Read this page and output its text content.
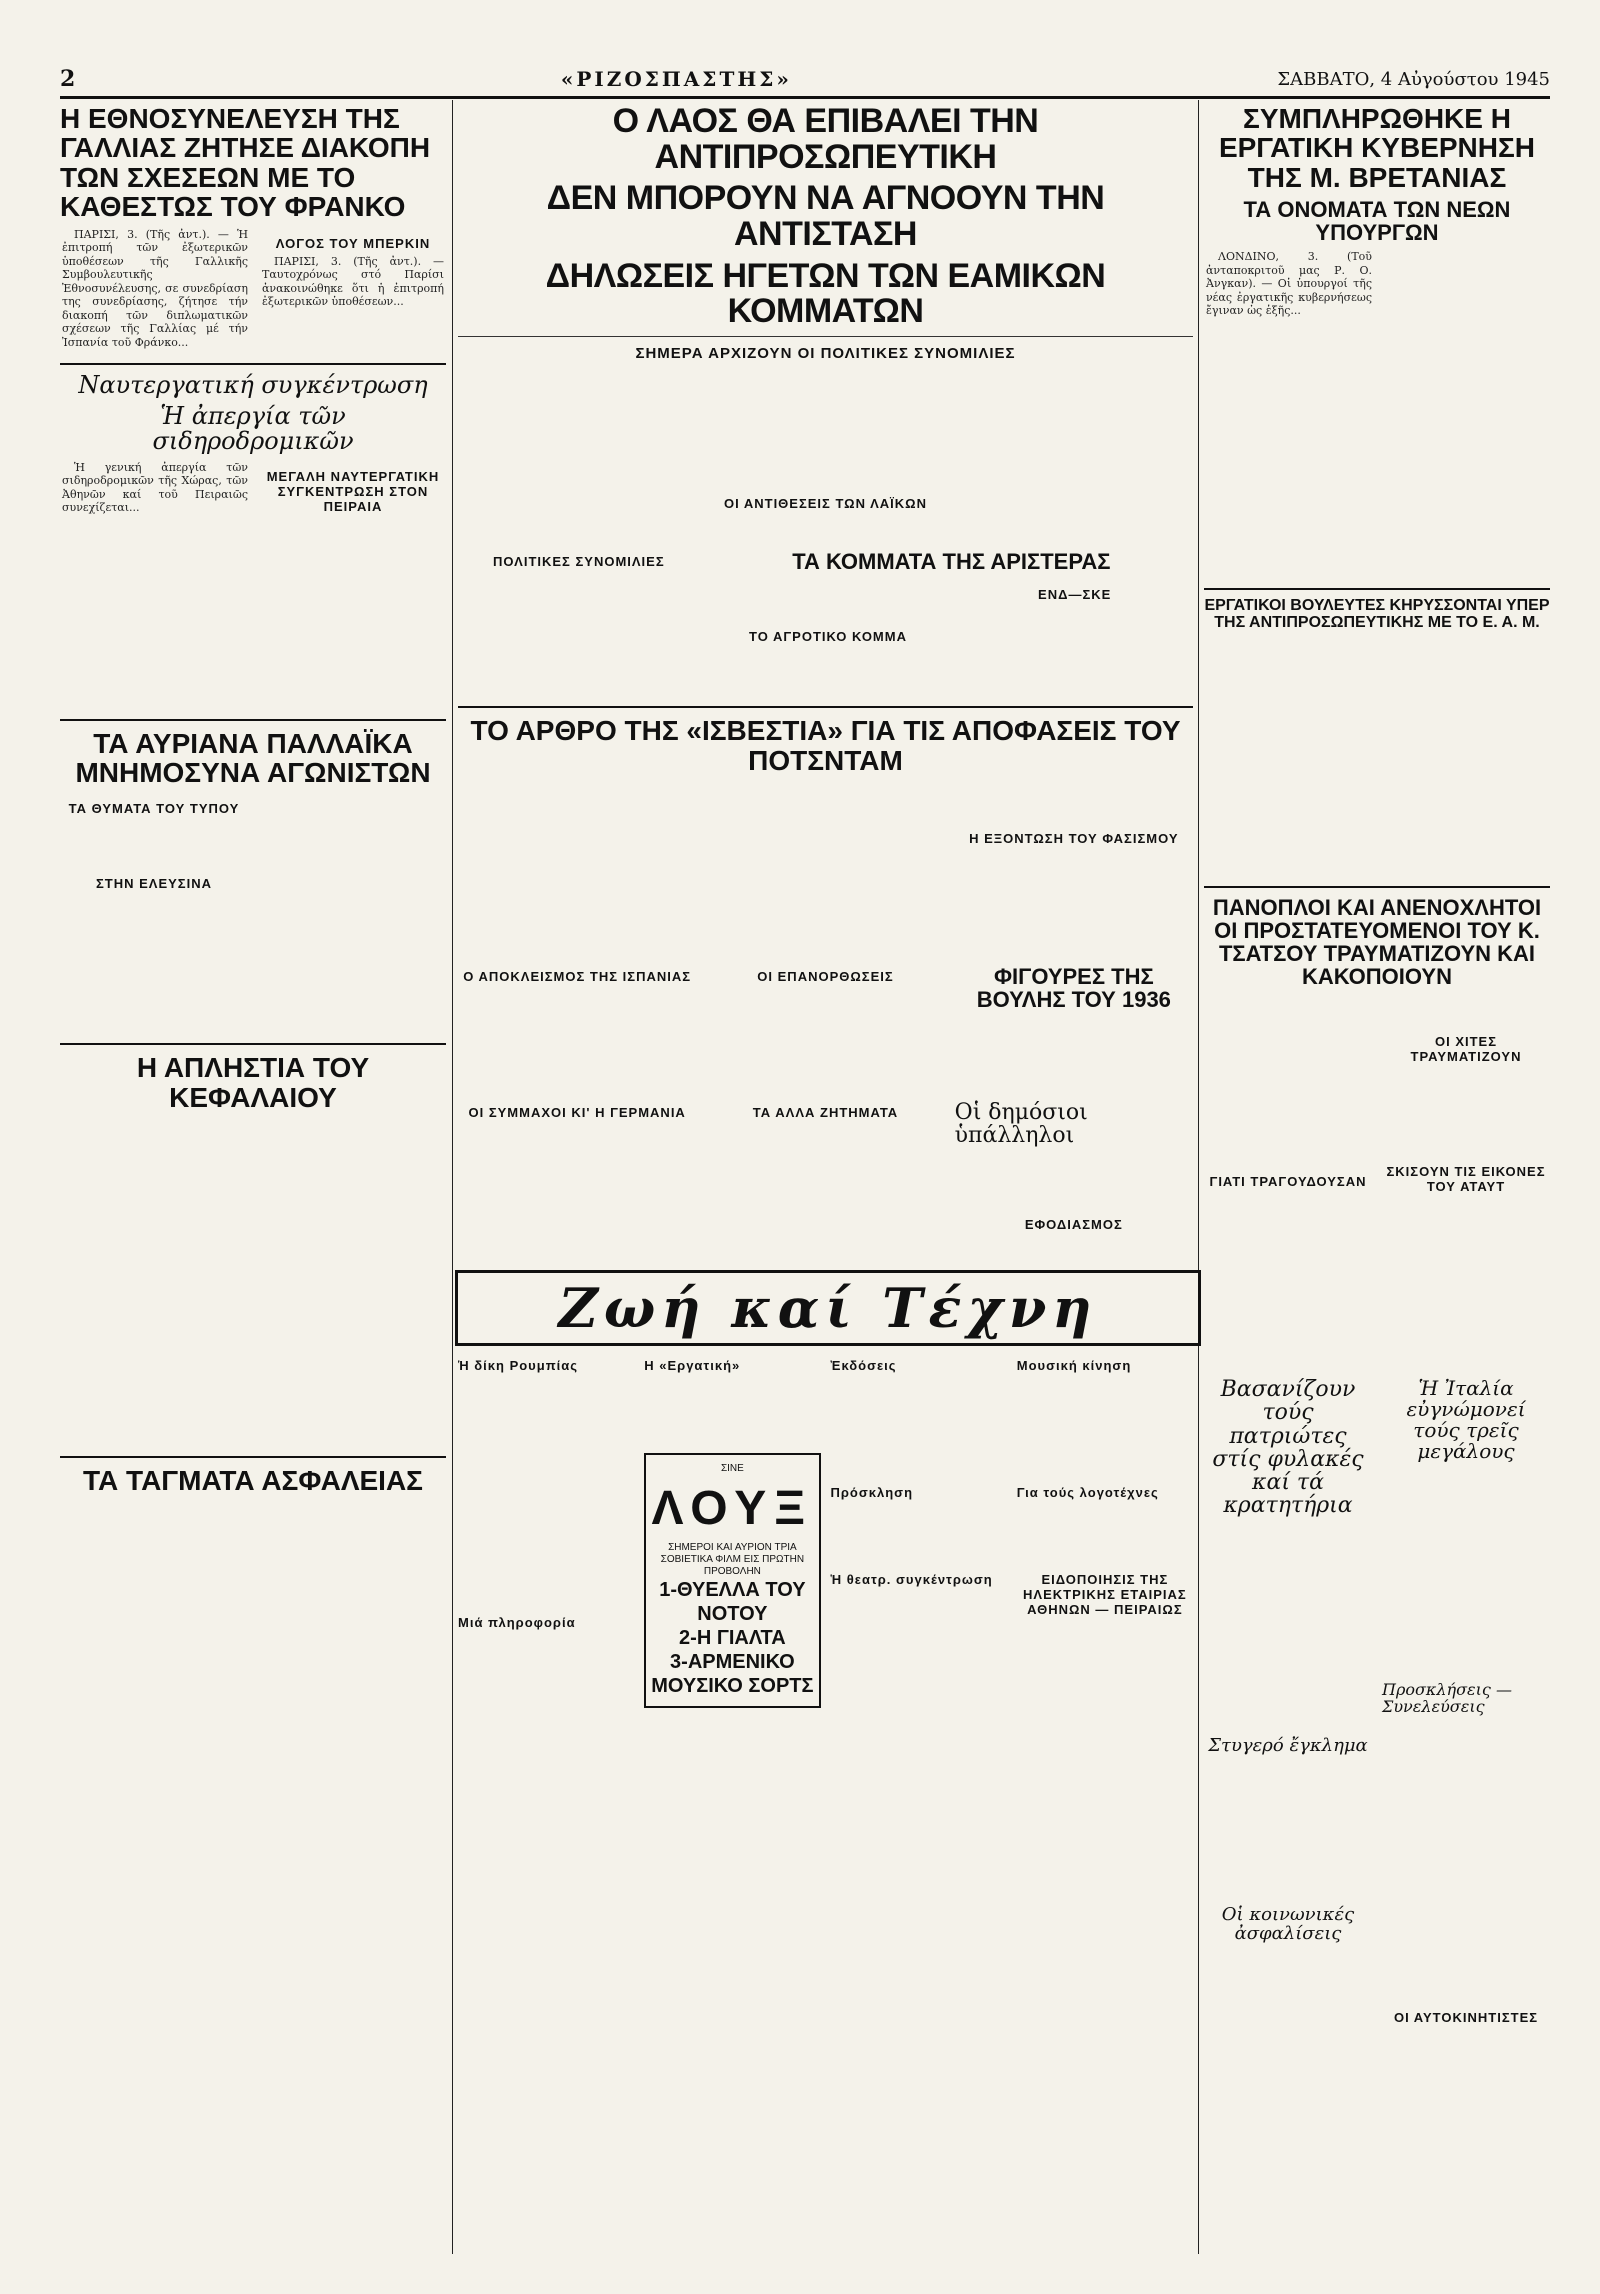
2	«ΡΙΖΟΣΠΑΣΤΗΣ»	ΣΑΒΒΑΤΟ, 4 Αὐγούστου 1945
Η ΕΘΝΟΣΥΝΕΛΕΥΣΗ ΤΗΣ ΓΑΛΛΙΑΣ ΖΗΤΗΣΕ ΔΙΑΚΟΠΗ ΤΩΝ ΣΧΕΣΕΩΝ ΜΕ ΤΟ ΚΑΘΕΣΤΩΣ ΤΟΥ ΦΡΑΝΚΟ

ΠΑΡΙΣΙ, 3. (Τῆς ἀντ.). — Ἡ ἐπιτροπή τῶν ἐξωτερικῶν ὑποθέσεων τῆς Γαλλικῆς Συμβουλευτικῆς Ἐθνοσυνέλευσης, σε συνεδρίαση της συνεδρίασης, ζήτησε τήν διακοπή τῶν διπλωματικῶν σχέσεων τῆς Γαλλίας μέ τήν Ἰσπανία τοῦ Φράνκο...

ΛΟΓΟΣ ΤΟΥ ΜΠΕΡΚΙΝ

ΠΑΡΙΣΙ, 3. (Τῆς ἀντ.). — Ταυτοχρόνως στό Παρίσι ἀνακοινώθηκε ὅτι ἡ ἐπιτροπή ἐξωτερικῶν ὑποθέσεων...

Ναυτεργατική συγκέντρωση
Ἡ ἀπεργία τῶν σιδηροδρομικῶν

Ἡ γενική ἀπεργία τῶν σιδηροδρομικῶν τῆς Χώρας, τῶν Ἀθηνῶν καί τοῦ Πειραιῶς συνεχίζεται...

ΜΕΓΑΛΗ ΝΑΥΤΕΡΓΑΤΙΚΗ ΣΥΓΚΕΝΤΡΩΣΗ ΣΤΟΝ ΠΕΙΡΑΙΑ
ΤΑ ΑΥΡΙΑΝΑ ΠΑΛΛΑΪΚΑ ΜΝΗΜΟΣΥΝΑ ΑΓΩΝΙΣΤΩΝ
ΤΑ ΘΥΜΑΤΑ ΤΟΥ ΤΥΠΟΥ
ΣΤΗΝ ΕΛΕΥΣΙΝΑ
Η ΑΠΛΗΣΤΙΑ ΤΟΥ ΚΕΦΑΛΑΙΟΥ
ΤΑ ΤΑΓΜΑΤΑ ΑΣΦΑΛΕΙΑΣ
Ο ΛΑΟΣ ΘΑ ΕΠΙΒΑΛΕΙ ΤΗΝ ΑΝΤΙΠΡΟΣΩΠΕΥΤΙΚΗ
ΔΕΝ ΜΠΟΡΟΥΝ ΝΑ ΑΓΝΟΟΥΝ ΤΗΝ ΑΝΤΙΣΤΑΣΗ
ΔΗΛΩΣΕΙΣ ΗΓΕΤΩΝ ΤΩΝ ΕΑΜΙΚΩΝ ΚΟΜΜΑΤΩΝ
ΣΗΜΕΡΑ ΑΡΧΙΖΟΥΝ ΟΙ ΠΟΛΙΤΙΚΕΣ ΣΥΝΟΜΙΛΙΕΣ
ΟΙ ΑΝΤΙΘΕΣΕΙΣ ΤΩΝ ΛΑΪΚΩΝ
ΠΟΛΙΤΙΚΕΣ ΣΥΝΟΜΙΛΙΕΣ	ΤΑ ΚΟΜΜΑΤΑ ΤΗΣ ΑΡΙΣΤΕΡΑΣ
ΤΟ ΑΓΡΟΤΙΚΟ ΚΟΜΜΑ
ΕΝΔ—ΣΚΕ
ΤΟ ΑΡΘΡΟ ΤΗΣ «ΙΣΒΕΣΤΙΑ» ΓΙΑ ΤΙΣ ΑΠΟΦΑΣΕΙΣ ΤΟΥ ΠΟΤΣΝΤΑΜ
Η ΕΞΟΝΤΩΣΗ ΤΟΥ ΦΑΣΙΣΜΟΥ
Ο ΑΠΟΚΛΕΙΣΜΟΣ ΤΗΣ ΙΣΠΑΝΙΑΣ	ΟΙ ΕΠΑΝΟΡΘΩΣΕΙΣ	ΦΙΓΟΥΡΕΣ ΤΗΣ ΒΟΥΛΗΣ ΤΟΥ 1936
ΟΙ ΣΥΜΜΑΧΟΙ ΚΙ' Η ΓΕΡΜΑΝΙΑ	ΤΑ ΑΛΛΑ ΖΗΤΗΜΑΤΑ	Οἱ δημόσιοι ὑπάλληλοι
ΕΦΟΔΙΑΣΜΟΣ
ΣΥΜΠΛΗΡΩΘΗΚΕ Η ΕΡΓΑΤΙΚΗ ΚΥΒΕΡΝΗΣΗ ΤΗΣ Μ. ΒΡΕΤΑΝΙΑΣ
ΤΑ ΟΝΟΜΑΤΑ ΤΩΝ ΝΕΩΝ ΥΠΟΥΡΓΩΝ

ΛΟΝΔΙΝΟ, 3. (Τοῦ ἀνταποκριτοῦ μας Ρ. Ο. Ἀνγκαν). — Οἱ ὑπουργοί τῆς νέας ἐργατικῆς κυβερνήσεως ἔγιναν ὡς ἑξῆς...

ΕΡΓΑΤΙΚΟΙ ΒΟΥΛΕΥΤΕΣ ΚΗΡΥΣΣΟΝΤΑΙ ΥΠΕΡ ΤΗΣ ΑΝΤΙΠΡΟΣΩΠΕΥΤΙΚΗΣ ΜΕ ΤΟ Ε. Α. Μ.
ΠΑΝΟΠΛΟΙ ΚΑΙ ΑΝΕΝΟΧΛΗΤΟΙ ΟΙ ΠΡΟΣΤΑΤΕΥΟΜΕΝΟΙ ΤΟΥ Κ. ΤΣΑΤΣΟΥ ΤΡΑΥΜΑΤΙΖΟΥΝ ΚΑΙ ΚΑΚΟΠΟΙΟΥΝ
ΓΙΑΤΙ ΤΡΑΓΟΥΔΟΥΣΑΝ
ΟΙ ΧΙΤΕΣ ΤΡΑΥΜΑΤΙΖΟΥΝ
ΣΚΙΣΟΥΝ ΤΙΣ ΕΙΚΟΝΕΣ ΤΟΥ ΑΤΑΥΤ
Βασανίζουν τούς πατριώτες στίς φυλακές καί τά κρατητήρια
Στυγερό ἔγκλημα
Οἱ κοινωνικές ἀσφαλίσεις
Ἡ Ἰταλία εὐγνώμονεί τούς τρεῖς μεγάλους
Προσκλήσεις — Συνελεύσεις
ΟΙ ΑΥΤΟΚΙΝΗΤΙΣΤΕΣ
Ζωή καί Τέχνη
Ἡ δίκη Ρουμπίας
Μιά πληροφορία
Η «Εργατική»
ΣΙΝΕ
ΛΟΥΞ
ΣΗΜΕΡΟΙ ΚΑΙ ΑΥΡΙΟΝ ΤΡΙΑ ΣΟΒΙΕΤΙΚΑ ΦΙΛΜ ΕΙΣ ΠΡΩΤΗΝ ΠΡΟΒΟΛΗΝ
1-ΘΥΕΛΛΑ ΤΟΥ ΝΟΤΟΥ
2-Η ΓΙΑΛΤΑ
3-ΑΡΜΕΝΙΚΟ ΜΟΥΣΙΚΟ ΣΟΡΤΣ
Ἐκδόσεις
Πρόσκληση
Ἡ θεατρ. συγκέντρωση
Μουσική κίνηση
Για τούς λογοτέχνες
ΕΙΔΟΠΟΙΗΣΙΣ ΤΗΣ ΗΛΕΚΤΡΙΚΗΣ ΕΤΑΙΡΙΑΣ ΑΘΗΝΩΝ — ΠΕΙΡΑΙΩΣ
